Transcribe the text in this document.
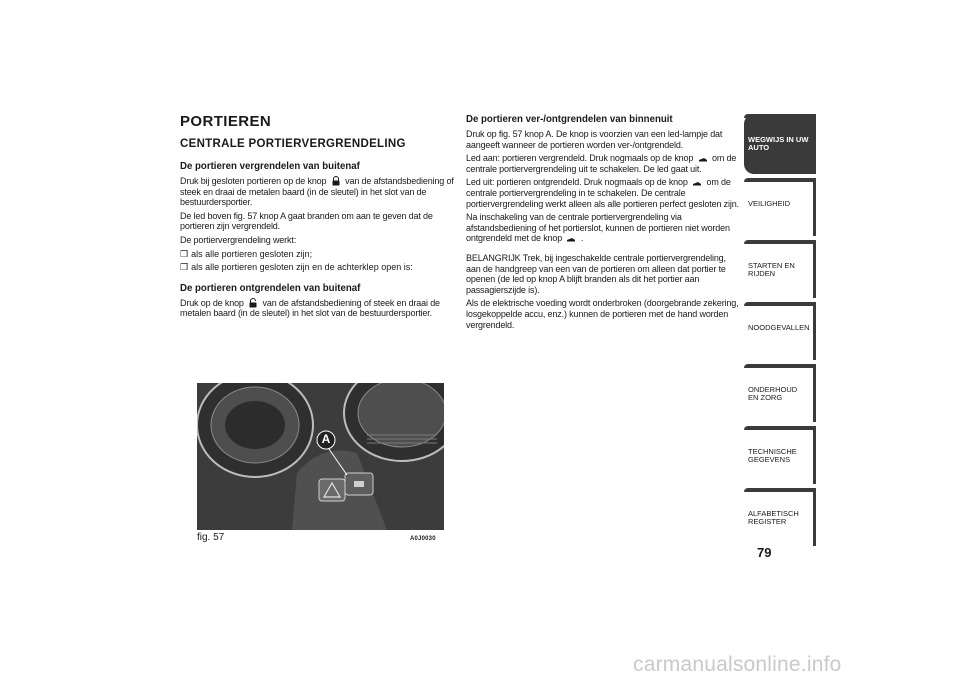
PORTIEREN
CENTRALE PORTIERVERGRENDELING
De portieren vergrendelen van buitenaf

Druk bij gesloten portieren op de knop van de afstandsbediening of steek en draai de metalen baard (in de sleutel) in het slot van de bestuurdersportier.

De led boven fig. 57 knop A gaat branden om aan te geven dat de portieren zijn vergrendeld.

De portiervergrendeling werkt:

❒ als alle portieren gesloten zijn;
❒ als alle portieren gesloten zijn en de achterklep open is:
De portieren ontgrendelen van buitenaf

Druk op de knop van de afstandsbediening of steek en draai de metalen baard (in de sleutel) in het slot van de bestuurdersportier.

A
fig. 57	A0J0030
De portieren ver-/ontgrendelen van binnenuit

Druk op fig. 57 knop A. De knop is voorzien van een led-lampje dat aangeeft wanneer de portieren worden ver-/ontgrendeld.

Led aan: portieren vergrendeld. Druk nogmaals op de knop om de centrale portiervergrendeling uit te schakelen. De led gaat uit.

Led uit: portieren ontgrendeld. Druk nogmaals op de knop om de centrale portiervergrendeling in te schakelen. De centrale portiervergrendeling werkt alleen als alle portieren perfect gesloten zijn.

Na inschakeling van de centrale portiervergrendeling via afstandsbediening of het portierslot, kunnen de portieren niet worden ontgrendeld met de knop .

BELANGRIJK Trek, bij ingeschakelde centrale portiervergrendeling, aan de handgreep van een van de portieren om alleen dat portier te openen (de led op knop A blijft branden als dit het portier aan passagierszijde is).

Als de elektrische voeding wordt onderbroken (doorgebrande zekering, losgekoppelde accu, enz.) kunnen de portieren met de hand worden vergrendeld.

WEGWIJS IN UW AUTO
VEILIGHEID
STARTEN EN RIJDEN
NOODGEVALLEN
ONDERHOUD EN ZORG
TECHNISCHE GEGEVENS
ALFABETISCH REGISTER
79
carmanualsonline.info
